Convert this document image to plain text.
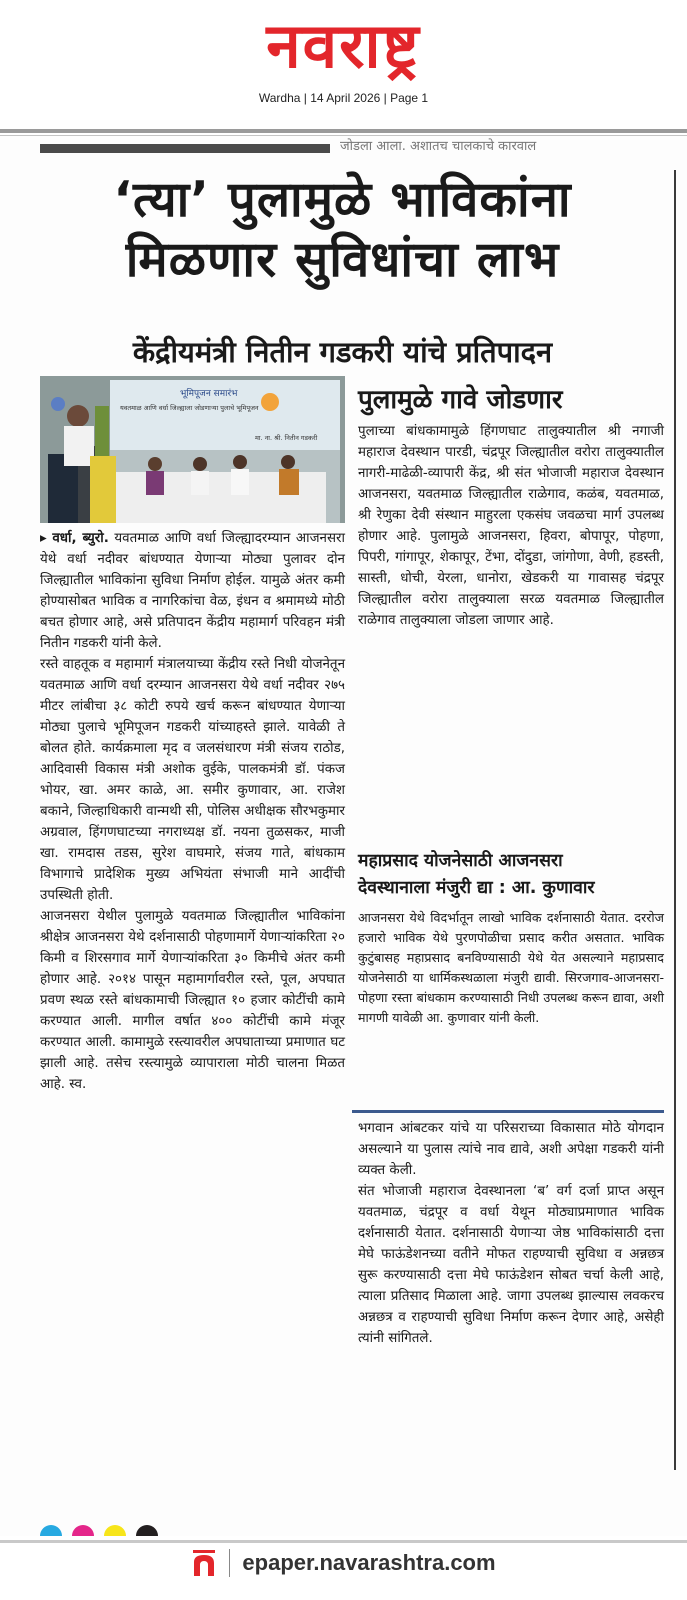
नवराष्ट्र
Wardha | 14 April 2026 | Page 1
जोडला आला. अशातच चालकाचे कारवाल
‘त्या’ पुलामुळे भाविकांना
मिळणार सुविधांचा लाभ
केंद्रीयमंत्री नितीन गडकरी यांचे प्रतिपादन
भूमिपूजन समारंभ
यवतमाळ आणि वर्धा जिल्ह्याला जोडणाऱ्या पुलाचे भूमिपूजन
मा. ना. श्री. नितीन गडकरी

▸ वर्धा, ब्युरो. यवतमाळ आणि वर्धा जिल्ह्यादरम्यान आजनसरा येथे वर्धा नदीवर बांधण्यात येणाऱ्या मोठ्या पुलावर दोन जिल्ह्यातील भाविकांना सुविधा निर्माण होईल. यामुळे अंतर कमी होण्यासोबत भाविक व नागरिकांचा वेळ, इंधन व श्रमामध्ये मोठी बचत होणार आहे, असे प्रतिपादन केंद्रीय महामार्ग परिवहन मंत्री नितीन गडकरी यांनी केले.

रस्ते वाहतूक व महामार्ग मंत्रालयाच्या केंद्रीय रस्ते निधी योजनेतून यवतमाळ आणि वर्धा दरम्यान आजनसरा येथे वर्धा नदीवर २७५ मीटर लांबीचा ३८ कोटी रुपये खर्च करून बांधण्यात येणाऱ्या मोठ्या पुलाचे भूमिपूजन गडकरी यांच्याहस्ते झाले. यावेळी ते बोलत होते. कार्यक्रमाला मृद व जलसंधारण मंत्री संजय राठोड, आदिवासी विकास मंत्री अशोक वुईके, पालकमंत्री डॉ. पंकज भोयर, खा. अमर काळे, आ. समीर कुणावार, आ. राजेश बकाने, जिल्हाधिकारी वान्मथी सी, पोलिस अधीक्षक सौरभकुमार अग्रवाल, हिंगणघाटच्या नगराध्यक्ष डॉ. नयना तुळसकर, माजी खा. रामदास तडस, सुरेश वाघमारे, संजय गाते, बांधकाम विभागाचे प्रादेशिक मुख्य अभियंता संभाजी माने आदींची उपस्थिती होती.

आजनसरा येथील पुलामुळे यवतमाळ जिल्ह्यातील भाविकांना श्रीक्षेत्र आजनसरा येथे दर्शनासाठी पोहणामार्गे येणाऱ्यांकरिता २० किमी व शिरसगाव मार्गे येणाऱ्यांकरिता ३० किमीचे अंतर कमी होणार आहे. २०१४ पासून महामार्गावरील रस्ते, पूल, अपघात प्रवण स्थळ रस्ते बांधकामाची जिल्ह्यात १० हजार कोटींची कामे करण्यात आली. मागील वर्षात ४०० कोटींची कामे मंजूर करण्यात आली. कामामुळे रस्त्यावरील अपघाताच्या प्रमाणात घट झाली आहे. तसेच रस्त्यामुळे व्यापाराला मोठी चालना मिळत आहे. स्व.

पुलामुळे गावे जोडणार

पुलाच्या बांधकामामुळे हिंगणघाट तालुक्यातील श्री नगाजी महाराज देवस्थान पारडी, चंद्रपूर जिल्ह्यातील वरोरा तालुक्यातील नागरी-माढेळी-व्यापारी केंद्र, श्री संत भोजाजी महाराज देवस्थान आजनसरा, यवतमाळ जिल्ह्यातील राळेगाव, कळंब, यवतमाळ, श्री रेणुका देवी संस्थान माहुरला एकसंघ जवळचा मार्ग उपलब्ध होणार आहे. पुलामुळे आजनसरा, हिवरा, बोपापूर, पोहणा, पिपरी, गांगापूर, शेकापूर, टेंभा, दोंदुडा, जांगोणा, वेणी, हडस्ती, सास्ती, धोची, येरला, धानोरा, खेडकरी या गावासह चंद्रपूर जिल्ह्यातील वरोरा तालुक्याला सरळ यवतमाळ जिल्ह्यातील राळेगाव तालुक्याला जोडला जाणार आहे.

महाप्रसाद योजनेसाठी आजनसरा
देवस्थानाला मंजुरी द्या : आ. कुणावार

आजनसरा येथे विदर्भातून लाखो भाविक दर्शनासाठी येतात. दररोज हजारो भाविक येथे पुरणपोळीचा प्रसाद करीत असतात. भाविक कुटुंबासह महाप्रसाद बनविण्यासाठी येथे येत असल्याने महाप्रसाद योजनेसाठी या धार्मिकस्थळाला मंजुरी द्यावी. सिरजगाव-आजनसरा-पोहणा रस्ता बांधकाम करण्यासाठी निधी उपलब्ध करून द्यावा, अशी मागणी यावेळी आ. कुणावार यांनी केली.

भगवान आंबटकर यांचे या परिसराच्या विकासात मोठे योगदान असल्याने या पुलास त्यांचे नाव द्यावे, अशी अपेक्षा गडकरी यांनी व्यक्त केली.

संत भोजाजी महाराज देवस्थानला ‘ब’ वर्ग दर्जा प्राप्त असून यवतमाळ, चंद्रपूर व वर्धा येथून मोठ्याप्रमाणात भाविक दर्शनासाठी येतात. दर्शनासाठी येणाऱ्या जेष्ठ भाविकांसाठी दत्ता मेघे फाऊंडेशनच्या वतीने मोफत राहण्याची सुविधा व अन्नछत्र सुरू करण्यासाठी दत्ता मेघे फाऊंडेशन सोबत चर्चा केली आहे, त्याला प्रतिसाद मिळाला आहे. जागा उपलब्ध झाल्यास लवकरच अन्नछत्र व राहण्याची सुविधा निर्माण करून देणार आहे, असेही त्यांनी सांगितले.

epaper.navarashtra.com
